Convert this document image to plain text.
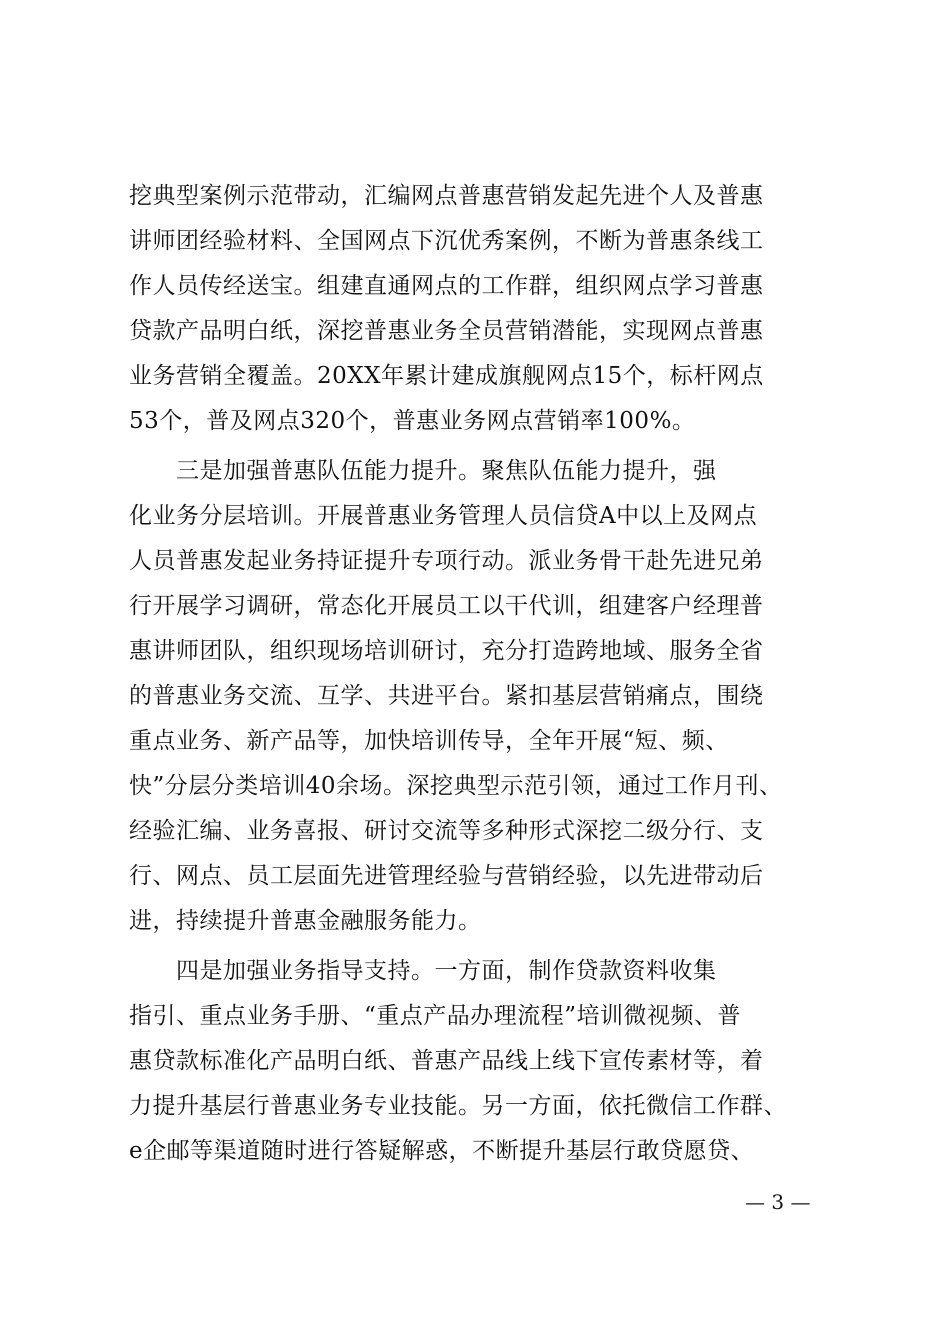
挖典型案例示范带动，汇编网点普惠营销发起先进个人及普惠
讲师团经验材料、全国网点下沉优秀案例，不断为普惠条线工
作人员传经送宝。组建直通网点的工作群，组织网点学习普惠
贷款产品明白纸，深挖普惠业务全员营销潜能，实现网点普惠
业务营销全覆盖。20XX年累计建成旗舰网点15个，标杆网点
53个，普及网点320个，普惠业务网点营销率100%。
　　三是加强普惠队伍能力提升。聚焦队伍能力提升，强
化业务分层培训。开展普惠业务管理人员信贷A中以上及网点
人员普惠发起业务持证提升专项行动。派业务骨干赴先进兄弟
行开展学习调研，常态化开展员工以干代训，组建客户经理普
惠讲师团队，组织现场培训研讨，充分打造跨地域、服务全省
的普惠业务交流、互学、共进平台。紧扣基层营销痛点，围绕
重点业务、新产品等，加快培训传导，全年开展“短、频、
快”分层分类培训40余场。深挖典型示范引领，通过工作月刊、
经验汇编、业务喜报、研讨交流等多种形式深挖二级分行、支
行、网点、员工层面先进管理经验与营销经验，以先进带动后
进，持续提升普惠金融服务能力。
　　四是加强业务指导支持。一方面，制作贷款资料收集
指引、重点业务手册、“重点产品办理流程”培训微视频、普
惠贷款标准化产品明白纸、普惠产品线上线下宣传素材等，着
力提升基层行普惠业务专业技能。另一方面，依托微信工作群、
e企邮等渠道随时进行答疑解惑，不断提升基层行敢贷愿贷、
— 3 —
